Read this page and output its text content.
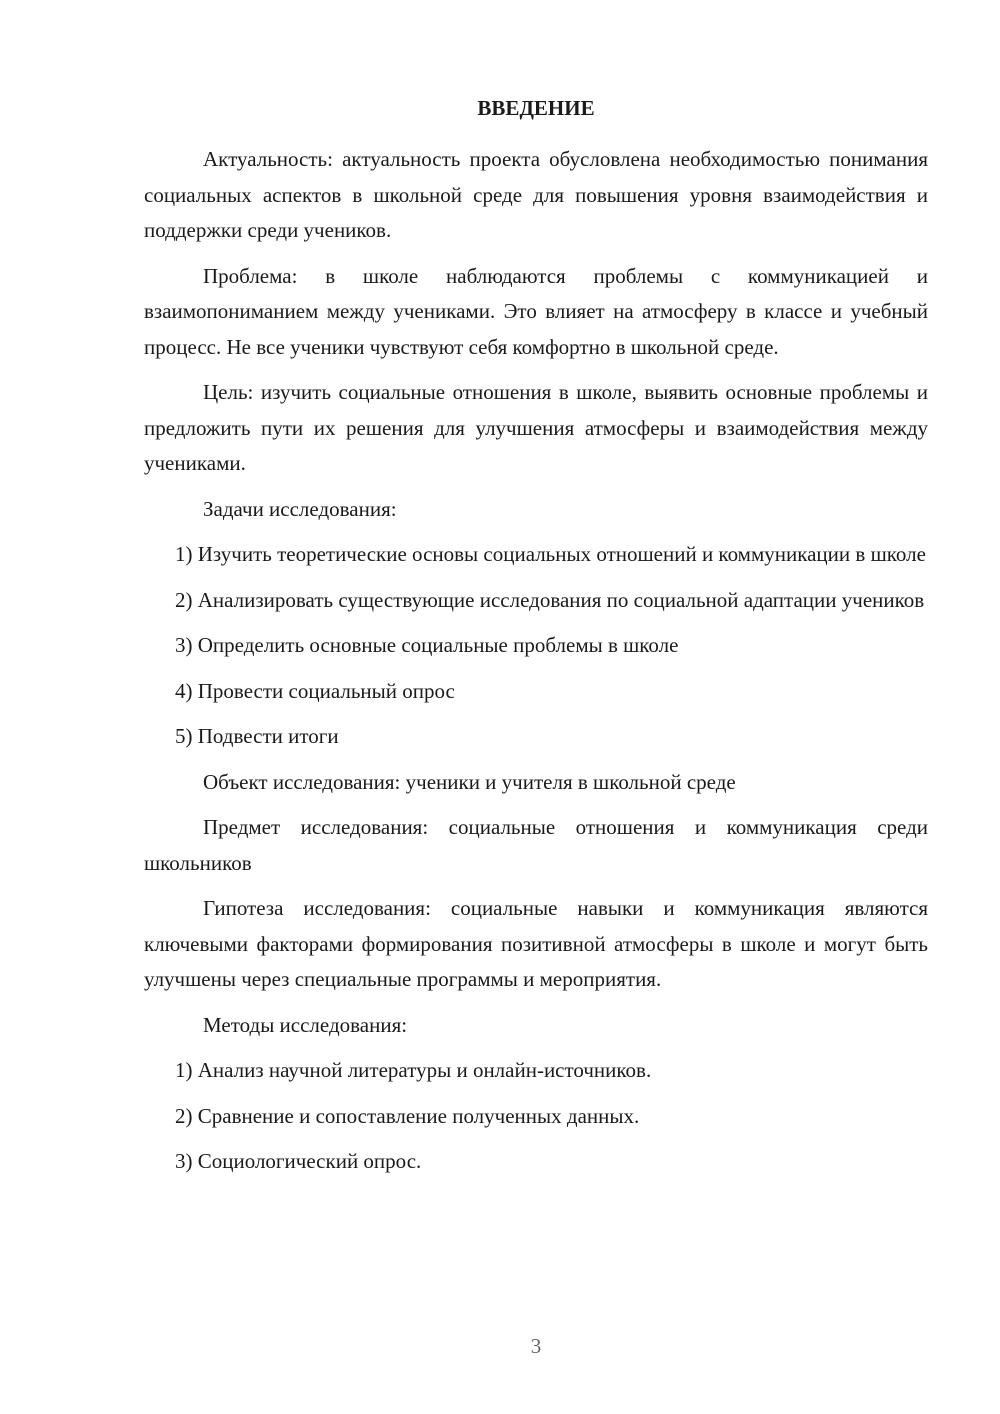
ВВЕДЕНИЕ

Актуальность: актуальность проекта обусловлена необходимостью понимания социальных аспектов в школьной среде для повышения уровня взаимодействия и поддержки среди учеников.

Проблема: в школе наблюдаются проблемы с коммуникацией и взаимопониманием между учениками. Это влияет на атмосферу в классе и учебный процесс. Не все ученики чувствуют себя комфортно в школьной среде.

Цель: изучить социальные отношения в школе, выявить основные проблемы и предложить пути их решения для улучшения атмосферы и взаимодействия между учениками.

Задачи исследования:

1) Изучить теоретические основы социальных отношений и коммуникации в школе

2) Анализировать существующие исследования по социальной адаптации учеников

3) Определить основные социальные проблемы в школе

4) Провести социальный опрос

5) Подвести итоги

Объект исследования: ученики и учителя в школьной среде

Предмет исследования: социальные отношения и коммуникация среди школьников

Гипотеза исследования: социальные навыки и коммуникация являются ключевыми факторами формирования позитивной атмосферы в школе и могут быть улучшены через специальные программы и мероприятия.

Методы исследования:

1) Анализ научной литературы и онлайн-источников.

2) Сравнение и сопоставление полученных данных.

3) Социологический опрос.

3
